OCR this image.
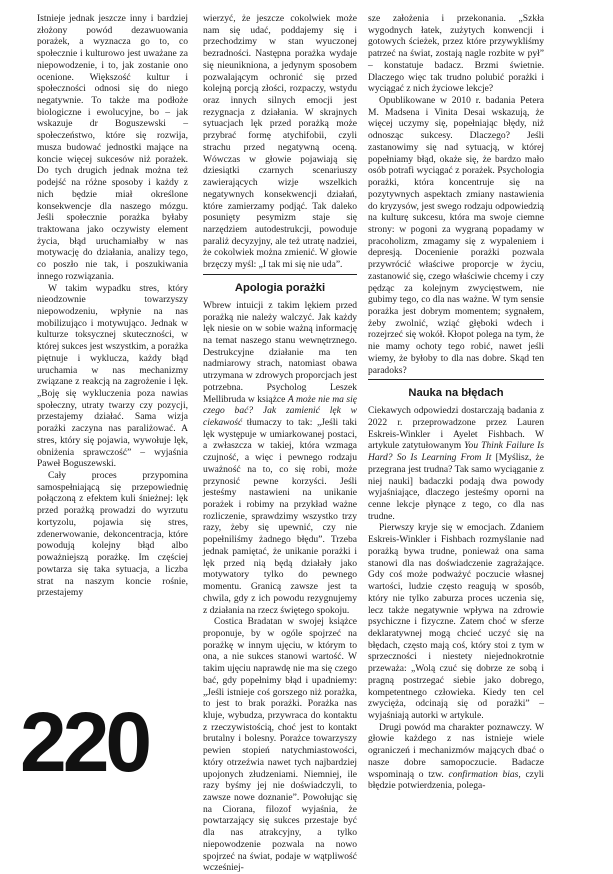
Istnieje jednak jeszcze inny i bardziej złożony powód dezawuowania porażek, a wyznacza go to, co społecznie i kulturowo jest uważane za niepowodzenie, i to, jak zostanie ono ocenione. Większość kultur i społeczności odnosi się do niego negatywnie. To także ma podłoże biologiczne i ewolucyjne, bo – jak wskazuje dr Boguszewski – społeczeństwo, które się rozwija, musza budować jednostki mające na koncie więcej sukcesów niż porażek. Do tych drugich jednak można też podejść na różne sposoby i każdy z nich będzie miał określone konsekwencje dla naszego mózgu. Jeśli społecznie porażka byłaby traktowana jako oczywisty element życia, błąd uruchamiałby w nas motywację do działania, analizy tego, co poszło nie tak, i poszukiwania innego rozwiązania.

W takim wypadku stres, który nieodzownie towarzyszy niepowodzeniu, wpłynie na nas mobilizująco i motywująco. Jednak w kulturze toksycznej skuteczności, w której sukces jest wszystkim, a porażka piętnuje i wyklucza, każdy błąd uruchamia w nas mechanizmy związane z reakcją na zagrożenie i lęk. „Boję się wykluczenia poza nawias społeczny, utraty twarzy czy pozycji, przestajemy działać. Sama wizja porażki zaczyna nas paraliżować. A stres, który się pojawia, wywołuje lęk, obniżenia sprawczość” – wyjaśnia Paweł Boguszewski.

Cały proces przypomina samospełniającą się przepowiednię połączoną z efektem kuli śnieżnej: lęk przed porażką prowadzi do wyrzutu kortyzolu, pojawia się stres, zdenerwowanie, dekoncentracja, które powodują kolejny błąd albo poważniejszą porażkę. Im częściej powtarza się taka sytuacja, a liczba strat na naszym koncie rośnie, przestajemy

wierzyć, że jeszcze cokolwiek może nam się udać, poddajemy się i przechodzimy w stan wyuczonej bezradności. Następna porażka wydaje się nieunikniona, a jedynym sposobem pozwalającym ochronić się przed kolejną porcją złości, rozpaczy, wstydu oraz innych silnych emocji jest rezygnacja z działania. W skrajnych sytuacjach lęk przed porażką może przybrać formę atychifobii, czyli strachu przed negatywną oceną. Wówczas w głowie pojawiają się dziesiątki czarnych scenariuszy zawierających wizje wszelkich negatywnych konsekwencji działań, które zamierzamy podjąć. Tak daleko posunięty pesymizm staje się narzędziem autodestrukcji, powoduje paraliż decyzyjny, ale też utratę nadziei, że cokolwiek można zmienić. W głowie brzęczy myśl: „I tak mi się nie uda”.

Apologia porażki

Wbrew intuicji z takim lękiem przed porażką nie należy walczyć. Jak każdy lęk niesie on w sobie ważną informację na temat naszego stanu wewnętrznego. Destrukcyjne działanie ma ten nadmiarowy strach, natomiast obawa utrzymana w zdrowych proporcjach jest potrzebna. Psycholog Leszek Mellibruda w książce A może nie ma się czego bać? Jak zamienić lęk w ciekawość tłumaczy to tak: „Jeśli taki lęk występuje w umiarkowanej postaci, a zwłaszcza w takiej, która wzmaga czujność, a więc i pewnego rodzaju uważność na to, co się robi, może przynosić pewne korzyści. Jeśli jesteśmy nastawieni na unikanie porażek i robimy na przykład ważne rozliczenie, sprawdzimy wszystko trzy razy, żeby się upewnić, czy nie popełniliśmy żadnego błędu”. Trzeba jednak pamiętać, że unikanie porażki i lęk przed nią będą działały jako motywatory tylko do pewnego momentu. Granicą zawsze jest ta chwila, gdy z ich powodu rezygnujemy z działania na rzecz świętego spokoju.

Costica Bradatan w swojej książce proponuje, by w ogóle spojrzeć na porażkę w innym ujęciu, w którym to ona, a nie sukces stanowi wartość. W takim ujęciu naprawdę nie ma się czego bać, gdy popełnimy błąd i upadniemy: „Jeśli istnieje coś gorszego niż porażka, to jest to brak porażki. Porażka nas kluje, wybudza, przywraca do kontaktu z rzeczywistością, choć jest to kontakt brutalny i bolesny. Porażce towarzyszy pewien stopień natychmiastowości, który otrzeźwia nawet tych najbardziej upojonych złudzeniami. Niemniej, ile razy byśmy jej nie doświadczyli, to zawsze nowe doznanie”. Powołując się na Ciorana, filozof wyjaśnia, że powtarzający się sukces przestaje być dla nas atrakcyjny, a tylko niepowodzenie pozwala na nowo spojrzeć na świat, podaje w wątpliwość wcześniej-

sze założenia i przekonania. „Szkła wygodnych łatek, zużytych konwencji i gotowych ścieżek, przez które przywykliśmy patrzeć na świat, zostają nagle rozbite w pył” – konstatuje badacz. Brzmi świetnie. Dlaczego więc tak trudno polubić porażki i wyciągać z nich życiowe lekcje?

Opublikowane w 2010 r. badania Petera M. Madsena i Vinita Desai wskazują, że więcej uczymy się, popełniając błędy, niż odnosząc sukcesy. Dlaczego? Jeśli zastanowimy się nad sytuacją, w której popełniamy błąd, okaże się, że bardzo mało osób potrafi wyciągać z porażek. Psychologia porażki, która koncentruje się na pozytywnych aspektach zmiany nastawienia do kryzysów, jest swego rodzaju odpowiedzią na kulturę sukcesu, która ma swoje ciemne strony: w pogoni za wygraną popadamy w pracoholizm, zmagamy się z wypaleniem i depresją. Docenienie porażki pozwala przywrócić właściwe proporcje w życiu, zastanowić się, czego właściwie chcemy i czy pędząc za kolejnym zwycięstwem, nie gubimy tego, co dla nas ważne. W tym sensie porażka jest dobrym momentem; sygnałem, żeby zwolnić, wziąć głęboki wdech i rozejrzeć się wokół. Kłopot polega na tym, że nie mamy ochoty tego robić, nawet jeśli wiemy, że byłoby to dla nas dobre. Skąd ten paradoks?

Nauka na błędach

Ciekawych odpowiedzi dostarczają badania z 2022 r. przeprowadzone przez Lauren Eskreis-Winkler i Ayelet Fishbach. W artykule zatytułowanym You Think Failure Is Hard? So Is Learning From It [Myślisz, że przegrana jest trudna? Tak samo wyciąganie z niej nauki] badaczki podają dwa powody wyjaśniające, dlaczego jesteśmy oporni na cenne lekcje płynące z tego, co dla nas trudne.

Pierwszy kryje się w emocjach. Zdaniem Eskreis-Winkler i Fishbach rozmyślanie nad porażką bywa trudne, ponieważ ona sama stanowi dla nas doświadczenie zagrażające. Gdy coś może podważyć poczucie własnej wartości, ludzie często reagują w sposób, który nie tylko zaburza proces uczenia się, lecz także negatywnie wpływa na zdrowie psychiczne i fizyczne. Zatem choć w sferze deklaratywnej mogą chcieć uczyć się na błędach, często mają coś, który stoi z tym w sprzeczności i niestety niejednokrotnie przeważa: „Wolą czuć się dobrze ze sobą i pragną postrzegać siebie jako dobrego, kompetentnego człowieka. Kiedy ten cel zwycięża, odcinają się od porażki” – wyjaśniają autorki w artykule.

Drugi powód ma charakter poznawczy. W głowie każdego z nas istnieje wiele ograniczeń i mechanizmów mających dbać o nasze dobre samopoczucie. Badacze wspominają o tzw. confirmation bias, czyli błędzie potwierdzenia, polega-

220
